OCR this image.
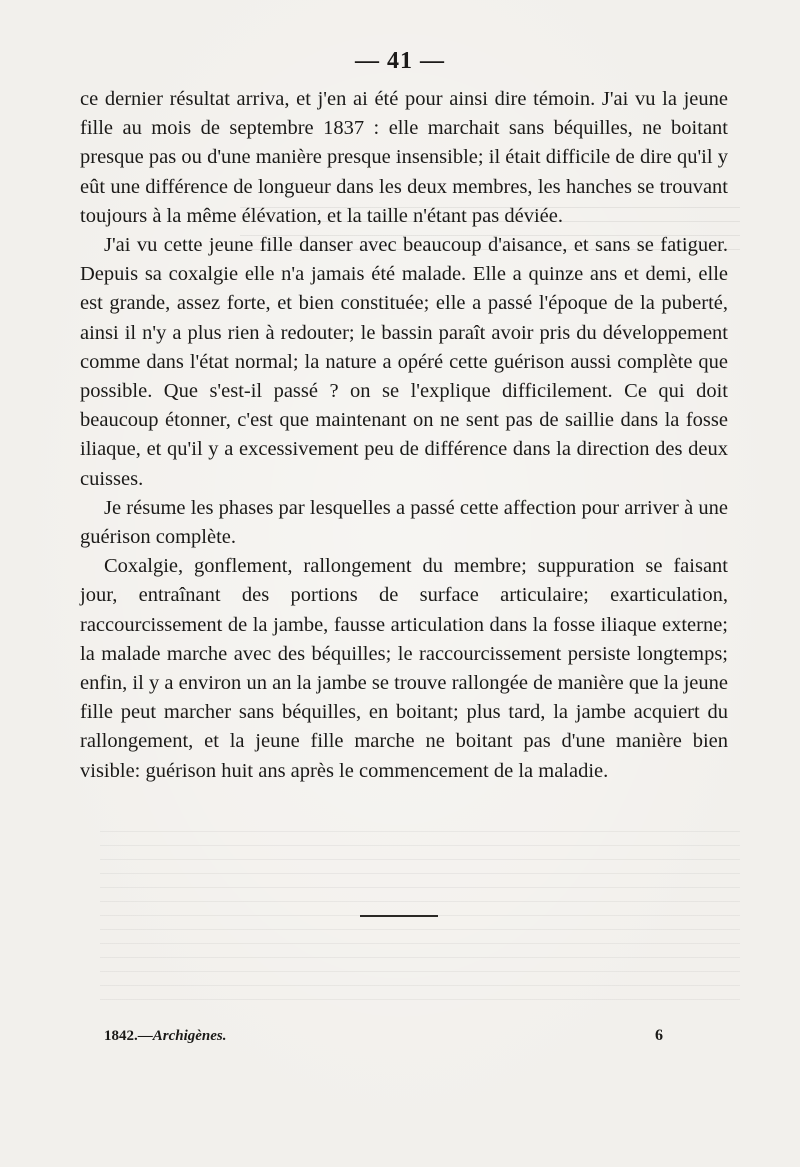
— 41 —

ce dernier résultat arriva, et j'en ai été pour ainsi dire témoin. J'ai vu la jeune fille au mois de septembre 1837 : elle marchait sans béquilles, ne boitant presque pas ou d'une manière presque insensible; il était difficile de dire qu'il y eût une différence de longueur dans les deux membres, les hanches se trouvant toujours à la même élévation, et la taille n'étant pas déviée.

J'ai vu cette jeune fille danser avec beaucoup d'aisance, et sans se fatiguer. Depuis sa coxalgie elle n'a jamais été malade. Elle a quinze ans et demi, elle est grande, assez forte, et bien constituée; elle a passé l'époque de la puberté, ainsi il n'y a plus rien à redouter; le bassin paraît avoir pris du développement comme dans l'état normal; la nature a opéré cette guérison aussi complète que possible. Que s'est-il passé ? on se l'explique difficilement. Ce qui doit beaucoup étonner, c'est que maintenant on ne sent pas de saillie dans la fosse iliaque, et qu'il y a excessivement peu de différence dans la direction des deux cuisses.

Je résume les phases par lesquelles a passé cette affection pour arriver à une guérison complète.

Coxalgie, gonflement, rallongement du membre; suppuration se faisant jour, entraînant des portions de surface articulaire; exarticulation, raccourcissement de la jambe, fausse articulation dans la fosse iliaque externe; la malade marche avec des béquilles; le raccourcissement persiste longtemps; enfin, il y a environ un an la jambe se trouve rallongée de manière que la jeune fille peut marcher sans béquilles, en boitant; plus tard, la jambe acquiert du rallongement, et la jeune fille marche ne boitant pas d'une manière bien visible: guérison huit ans après le commencement de la maladie.

1842.—Archigènes.	6
